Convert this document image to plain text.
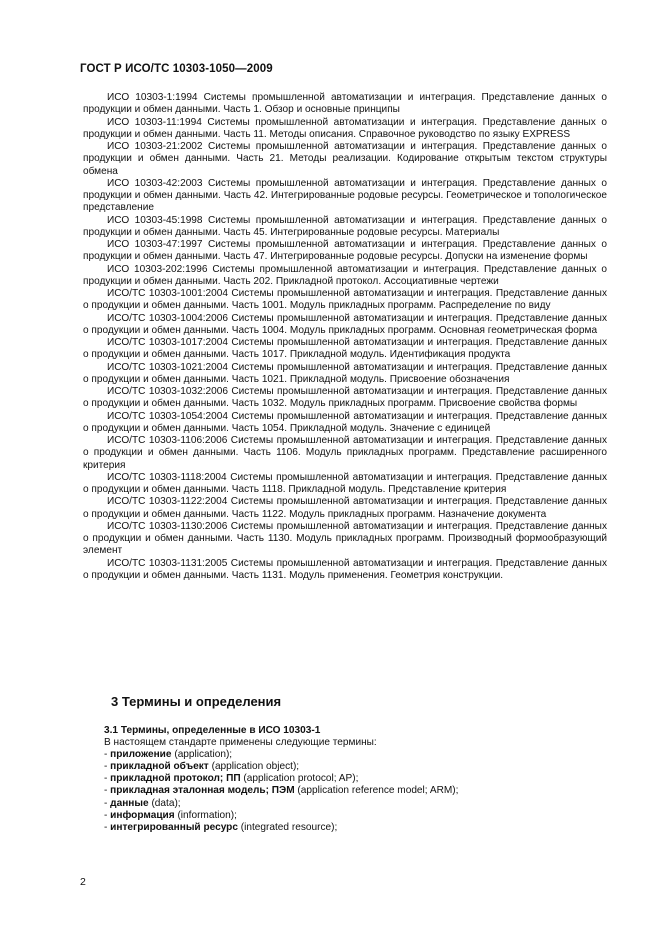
ГОСТ Р ИСО/ТС 10303-1050—2009

ИСО 10303-1:1994 Системы промышленной автоматизации и интеграция. Представление данных о продукции и обмен данными. Часть 1. Обзор и основные принципы

ИСО 10303-11:1994 Системы промышленной автоматизации и интеграция. Представление данных о продукции и обмен данными. Часть 11. Методы описания. Справочное руководство по языку EXPRESS

ИСО 10303-21:2002 Системы промышленной автоматизации и интеграция. Представление данных о продукции и обмен данными. Часть 21. Методы реализации. Кодирование открытым текстом структуры обмена

ИСО 10303-42:2003 Системы промышленной автоматизации и интеграция. Представление данных о продукции и обмен данными. Часть 42. Интегрированные родовые ресурсы. Геометрическое и топологическое представление

ИСО 10303-45:1998 Системы промышленной автоматизации и интеграция. Представление данных о продукции и обмен данными. Часть 45. Интегрированные родовые ресурсы. Материалы

ИСО 10303-47:1997 Системы промышленной автоматизации и интеграция. Представление данных о продукции и обмен данными. Часть 47. Интегрированные родовые ресурсы. Допуски на изменение формы

ИСО 10303-202:1996 Системы промышленной автоматизации и интеграция. Представление данных о продукции и обмен данными. Часть 202. Прикладной протокол. Ассоциативные чертежи

ИСО/ТС 10303-1001:2004 Системы промышленной автоматизации и интеграция. Представление данных о продукции и обмен данными. Часть 1001. Модуль прикладных программ. Распределение по виду

ИСО/ТС 10303-1004:2006 Системы промышленной автоматизации и интеграция. Представление данных о продукции и обмен данными. Часть 1004. Модуль прикладных программ. Основная геометрическая форма

ИСО/ТС 10303-1017:2004 Системы промышленной автоматизации и интеграция. Представление данных о продукции и обмен данными. Часть 1017. Прикладной модуль. Идентификация продукта

ИСО/ТС 10303-1021:2004 Системы промышленной автоматизации и интеграция. Представление данных о продукции и обмен данными. Часть 1021. Прикладной модуль. Присвоение обозначения

ИСО/ТС 10303-1032:2006 Системы промышленной автоматизации и интеграция. Представление данных о продукции и обмен данными. Часть 1032. Модуль прикладных программ. Присвоение свойства формы

ИСО/ТС 10303-1054:2004 Системы промышленной автоматизации и интеграция. Представление данных о продукции и обмен данными. Часть 1054. Прикладной модуль. Значение с единицей

ИСО/ТС 10303-1106:2006 Системы промышленной автоматизации и интеграция. Представление данных о продукции и обмен данными. Часть 1106. Модуль прикладных программ. Представление расширенного критерия

ИСО/ТС 10303-1118:2004 Системы промышленной автоматизации и интеграция. Представление данных о продукции и обмен данными. Часть 1118. Прикладной модуль. Представление критерия

ИСО/ТС 10303-1122:2004 Системы промышленной автоматизации и интеграция. Представление данных о продукции и обмен данными. Часть 1122. Модуль прикладных программ. Назначение документа

ИСО/ТС 10303-1130:2006 Системы промышленной автоматизации и интеграция. Представление данных о продукции и обмен данными. Часть 1130. Модуль прикладных программ. Производный формообразующий элемент

ИСО/ТС 10303-1131:2005 Системы промышленной автоматизации и интеграция. Представление данных о продукции и обмен данными. Часть 1131. Модуль применения. Геометрия конструкции.

3 Термины и определения

3.1 Термины, определенные в ИСО 10303-1

В настоящем стандарте применены следующие термины:

- приложение (application);

- прикладной объект (application object);

- прикладной протокол; ПП (application protocol; AP);

- прикладная эталонная модель; ПЭМ (application reference model; ARM);

- данные (data);

- информация (information);

- интегрированный ресурс (integrated resource);

2
